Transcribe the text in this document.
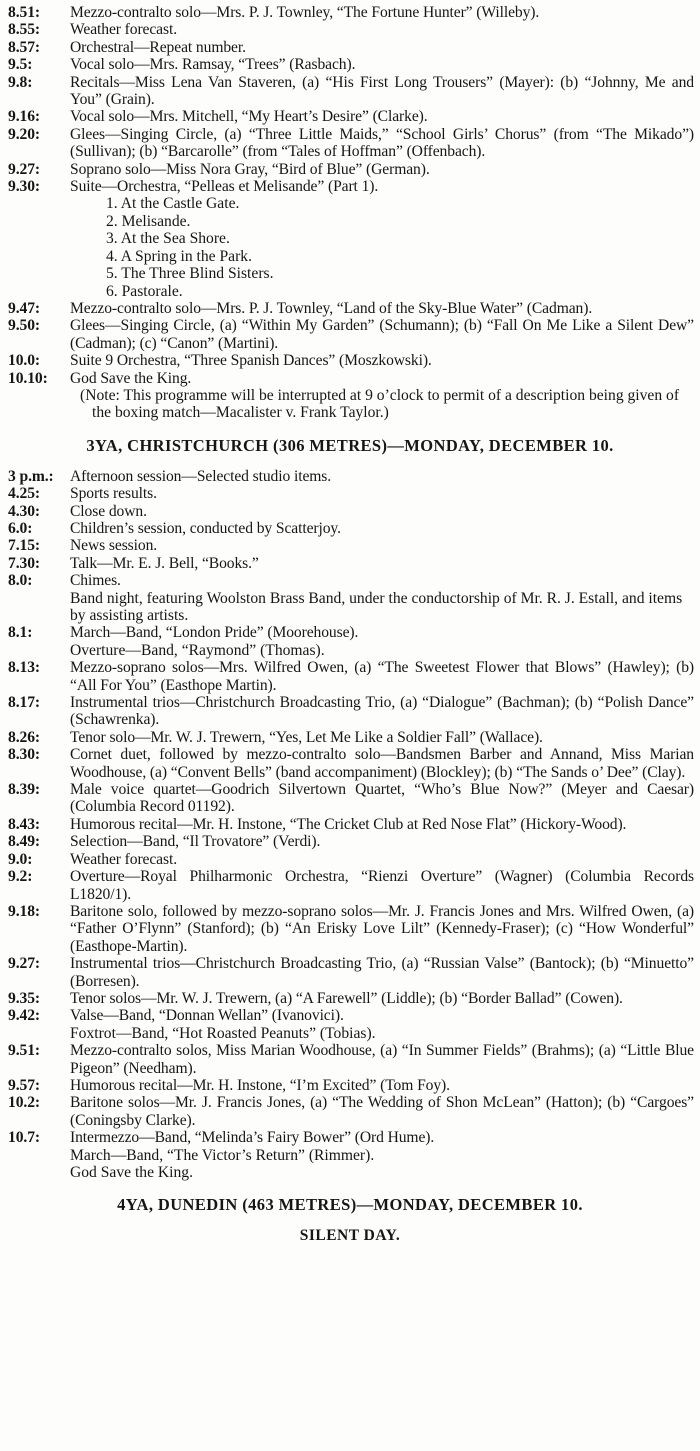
8.51: Mezzo-contralto solo—Mrs. P. J. Townley, “The Fortune Hunter” (Willeby).
8.55: Weather forecast.
8.57: Orchestral—Repeat number.
9.5: Vocal solo—Mrs. Ramsay, “Trees” (Rasbach).
9.8: Recitals—Miss Lena Van Staveren, (a) “His First Long Trousers” (Mayer): (b) “Johnny, Me and You” (Grain).
9.16: Vocal solo—Mrs. Mitchell, “My Heart’s Desire” (Clarke).
9.20: Glees—Singing Circle, (a) “Three Little Maids,” “School Girls’ Chorus” (from “The Mikado”) (Sullivan); (b) “Barcarolle” (from “Tales of Hoffman” (Offenbach).
9.27: Soprano solo—Miss Nora Gray, “Bird of Blue” (German).
9.30: Suite—Orchestra, “Pelleas et Melisande” (Part 1).
1. At the Castle Gate.
2. Melisande.
3. At the Sea Shore.
4. A Spring in the Park.
5. The Three Blind Sisters.
6. Pastorale.
9.47: Mezzo-contralto solo—Mrs. P. J. Townley, “Land of the Sky-Blue Water” (Cadman).
9.50: Glees—Singing Circle, (a) “Within My Garden” (Schumann); (b) “Fall On Me Like a Silent Dew” (Cadman); (c) “Canon” (Martini).
10.0: Suite 9 Orchestra, “Three Spanish Dances” (Moszkowski).
10.10: God Save the King.
(Note: This programme will be interrupted at 9 o’clock to permit of a description being given of the boxing match—Macalister v. Frank Taylor.)
3YA, CHRISTCHURCH (306 METRES)—MONDAY, DECEMBER 10.
3 p.m.: Afternoon session—Selected studio items.
4.25: Sports results.
4.30: Close down.
6.0: Children’s session, conducted by Scatterjoy.
7.15: News session.
7.30: Talk—Mr. E. J. Bell, “Books.”
8.0: Chimes.
Band night, featuring Woolston Brass Band, under the conductorship of Mr. R. J. Estall, and items by assisting artists.
8.1: March—Band, “London Pride” (Moorehouse).
Overture—Band, “Raymond” (Thomas).
8.13: Mezzo-soprano solos—Mrs. Wilfred Owen, (a) “The Sweetest Flower that Blows” (Hawley); (b) “All For You” (Easthope Martin).
8.17: Instrumental trios—Christchurch Broadcasting Trio, (a) “Dialogue” (Bachman); (b) “Polish Dance” (Schawrenka).
8.26: Tenor solo—Mr. W. J. Trewern, “Yes, Let Me Like a Soldier Fall” (Wallace).
8.30: Cornet duet, followed by mezzo-contralto solo—Bandsmen Barber and Annand, Miss Marian Woodhouse, (a) “Convent Bells” (band accompaniment) (Blockley); (b) “The Sands o’ Dee” (Clay).
8.39: Male voice quartet—Goodrich Silvertown Quartet, “Who’s Blue Now?” (Meyer and Caesar) (Columbia Record 01192).
8.43: Humorous recital—Mr. H. Instone, “The Cricket Club at Red Nose Flat” (Hickory-Wood).
8.49: Selection—Band, “Il Trovatore” (Verdi).
9.0: Weather forecast.
9.2: Overture—Royal Philharmonic Orchestra, “Rienzi Overture” (Wagner) (Columbia Records L1820/1).
9.18: Baritone solo, followed by mezzo-soprano solos—Mr. J. Francis Jones and Mrs. Wilfred Owen, (a) “Father O’Flynn” (Stanford); (b) “An Erisky Love Lilt” (Kennedy-Fraser); (c) “How Wonderful” (Easthope-Martin).
9.27: Instrumental trios—Christchurch Broadcasting Trio, (a) “Russian Valse” (Bantock); (b) “Minuetto” (Borresen).
9.35: Tenor solos—Mr. W. J. Trewern, (a) “A Farewell” (Liddle); (b) “Border Ballad” (Cowen).
9.42: Valse—Band, “Donnan Wellan” (Ivanovici).
Foxtrot—Band, “Hot Roasted Peanuts” (Tobias).
9.51: Mezzo-contralto solos, Miss Marian Woodhouse, (a) “In Summer Fields” (Brahms); (a) “Little Blue Pigeon” (Needham).
9.57: Humorous recital—Mr. H. Instone, “I’m Excited” (Tom Foy).
10.2: Baritone solos—Mr. J. Francis Jones, (a) “The Wedding of Shon McLean” (Hatton); (b) “Cargoes” (Coningsby Clarke).
10.7: Intermezzo—Band, “Melinda’s Fairy Bower” (Ord Hume).
March—Band, “The Victor’s Return” (Rimmer).
God Save the King.
4YA, DUNEDIN (463 METRES)—MONDAY, DECEMBER 10.
SILENT DAY.
